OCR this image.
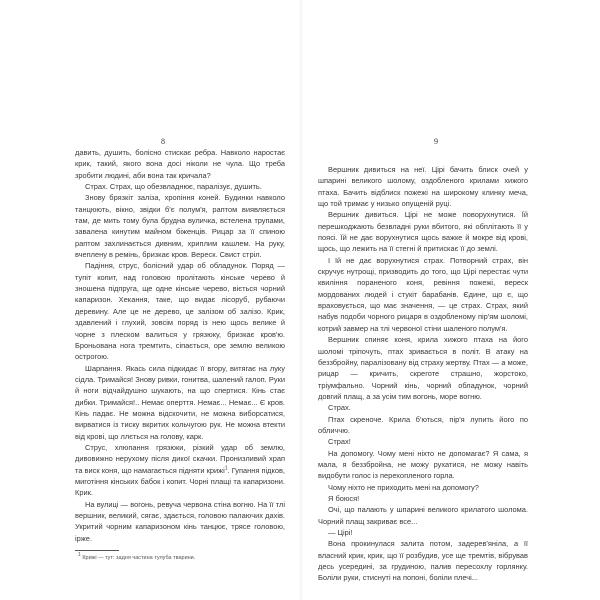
8	9

давить, душить, болісно стискає ребра. Навколо наростає крик, такий, якого вона досі ніколи не чула. Що треба зробити людині, аби вона так кричала?

Страх. Страх, що обезвладнює, паралізує, душить.

Знову брязкіт заліза, хропіння коней. Будинки навколо танцюють, вікно, звідки б'є полум'я, раптом виявляється там, де мить тому була брудна вуличка, встелена трупами, завалена кинутим майном біженців. Рицар за її спиною раптом захлинається дивним, хриплим кашлем. На руку, вчеплену в ремінь, бризкає кров. Вереск. Свист стріл.

Падіння, струс, болісний удар об обладунок. Поряд — тупіт копит, над головою пролітають кінське черево й зношена підпруга, ще одне кінське черево, віється чорний капаризон. Хекання, таке, що видає лісоруб, рубаючи деревину. Але це не дерево, це залізом об залізо. Крик, здавлений і глухий, зовсім поряд із нею щось велике й чорне з плеском валиться у грязюку, бризкає кров'ю. Броньована нога тремтить, сіпається, оре землю великою острогою.

Шарпання. Якась сила підкидає її вгору, витягає на луку сідла. Тримайся! Знову ривки, гонитва, шалений галоп. Руки й ноги відчайдушно шукають, на що спертися. Кінь стає дибки. Тримайся!.. Немає оперття. Немає... Немає... Є кров. Кінь падає. Не можна відскочити, не можна виборсатися, вирватися із тиску вкритих кольчугою рук. Не можна втекти від крові, що ллється на голову, карк.

Струс, хлюпання грязюки, різкий удар об землю, дивовижно нерухому після дикої скачки. Пронизливий храп та виск коня, що намагається підняти крижі$^1$. Гупання підков, миготіння кінських бабок і копит. Чорні плащі та капаризони. Крик.

На вулиці — вогонь, ревуча червона стіна вогню. На її тлі вершник, великий, сягає, здається, головою палаючих дахів. Укритий чорним капаризоном кінь танцює, трясе головою, ірже.

$^1$ Крижі — тут: задня частина тулуба тварини.

Вершник дивиться на неї. Цірі бачить блиск очей у шпарині великого шолому, оздобленого крилами хижого птаха. Бачить відблиск пожежі на широкому клинку меча, що той тримає у низько опущеній руці.

Вершник дивиться. Цірі не може поворухнутися. Їй перешкоджають безвладні руки вбитого, які обплітають її у поясі. Їй не дає ворухнутися щось важке й мокре від крові, щось, що лежить на її стегні й притискає її до землі.

І їй не дає ворухнутися страх. Потворний страх, він скручує нутрощі, призводить до того, що Цірі перестає чути квиління пораненого коня, ревіння пожежі, вереск мордованих людей і стукіт барабанів. Єдине, що є, що враховується, що має значення, — це страх. Страх, який набув подоби чорного рицаря в оздобленому пір'ям шоломі, котрий завмер на тлі червоної стіни шаленого полум'я.

Вершник спиняє коня, крила хижого птаха на його шоломі тріпочуть, птах зривається в політ. В атаку на беззбройну, паралізовану від страху жертву. Птах — а може, рицар — кричить, скреготе страшно, жорстоко, тріумфально. Чорний кінь, чорний обладунок, чорний довгий плащ, а за усім тим вогонь, море вогню.

Страх.

Птах скреноче. Крила б'ються, пір'я лупить його по обличчю.

Страх!

На допомогу. Чому мені ніхто не допомагає? Я сама, я мала, я беззбройна, не можу рухатися, не можу навіть видобути голос із перехопленого горла.

Чому ніхто не приходить мені на допомогу?

Я боюся!

Очі, що палають у шпарині великого крилатого шолома. Чорний плащ закриває все...

— Цірі!

Вона прокинулася залита потом, задерев'яніла, а її власний крик, крик, що її розбудив, усе ще тремтів, вібрував десь усередині, за грудиною, палив пересохлу горлянку. Боліли руки, стиснуті на попоні, боліли плечі...
